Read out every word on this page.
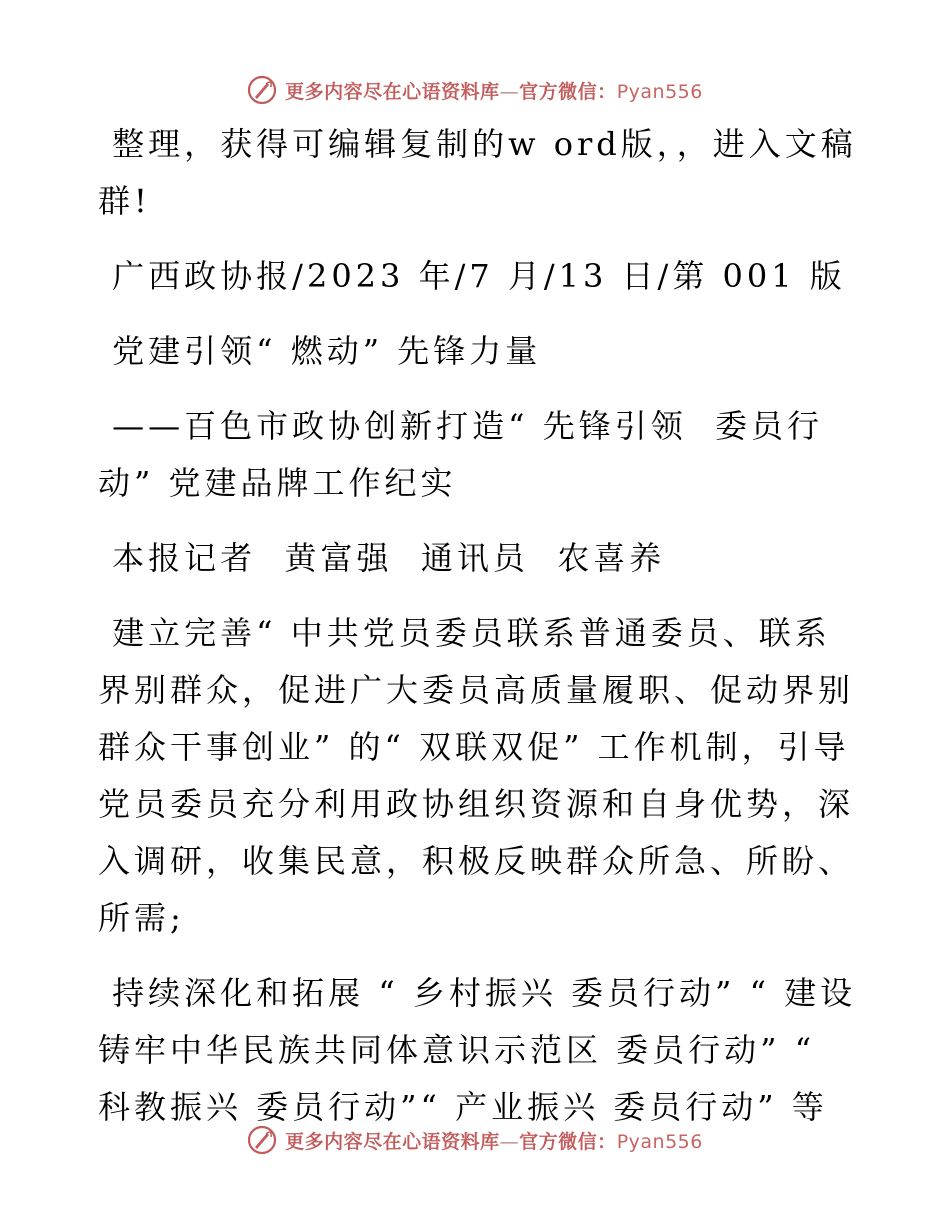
更多内容尽在心语资料库—官方微信：Pyan556

整理，获得可编辑复制的w ord版，，进入文稿群!

广西政协报/2023 年/7 月/13 日/第 001 版

党建引领“ 燃动” 先锋力量

——百色市政协创新打造“ 先锋引领  委员行动” 党建品牌工作纪实

本报记者  黄富强  通讯员  农喜养

建立完善“ 中共党员委员联系普通委员、联系界别群众，促进广大委员高质量履职、促动界别群众干事创业” 的“ 双联双促” 工作机制，引导党员委员充分利用政协组织资源和自身优势，深入调研，收集民意，积极反映群众所急、所盼、所需;

持续深化和拓展 “ 乡村振兴 委员行动” “ 建设铸牢中华民族共同体意识示范区 委员行动” “ 科教振兴 委员行动”“ 产业振兴 委员行动” 等

更多内容尽在心语资料库—官方微信：Pyan556
